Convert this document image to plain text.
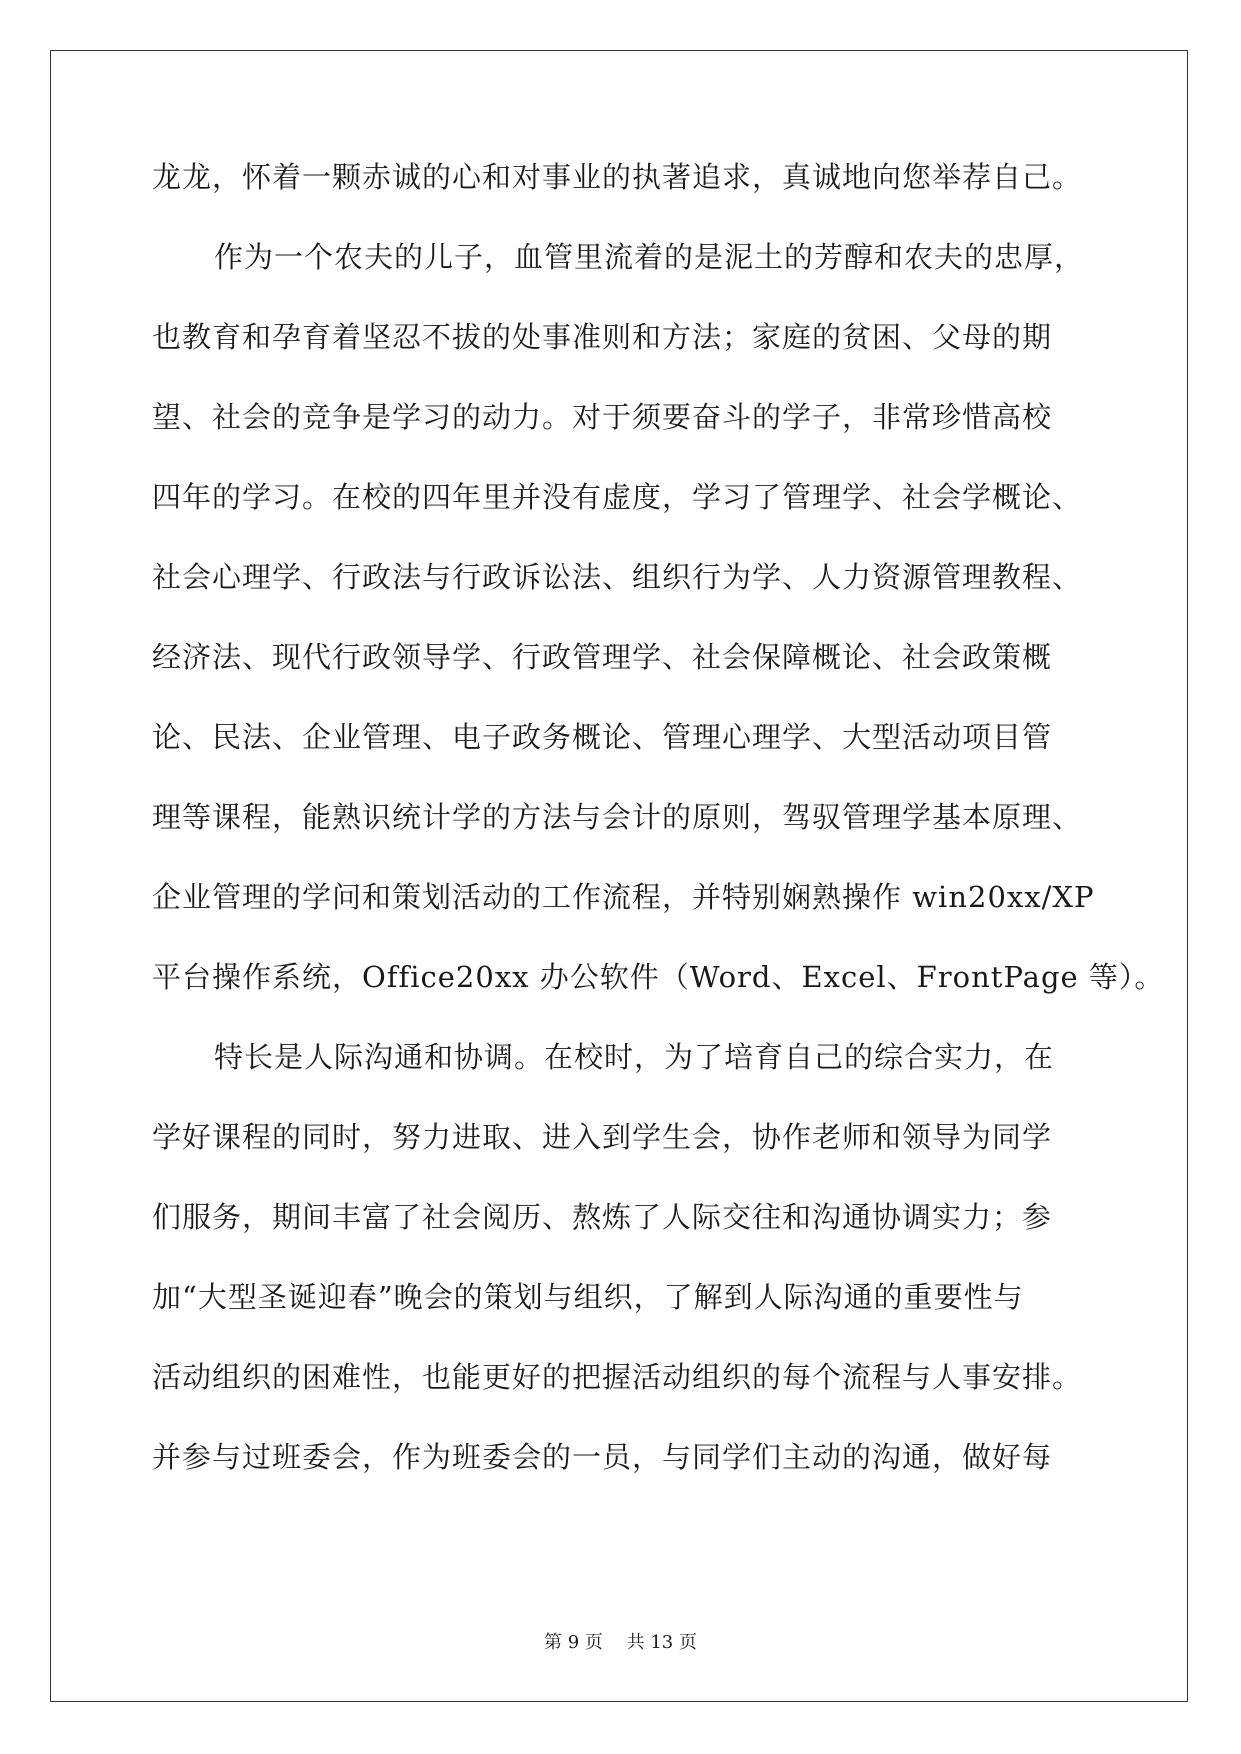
龙龙，怀着一颗赤诚的心和对事业的执著追求，真诚地向您举荐自己。
作为一个农夫的儿子，血管里流着的是泥土的芳醇和农夫的忠厚，
也教育和孕育着坚忍不拔的处事准则和方法；家庭的贫困、父母的期
望、社会的竞争是学习的动力。对于须要奋斗的学子，非常珍惜高校
四年的学习。在校的四年里并没有虚度，学习了管理学、社会学概论、
社会心理学、行政法与行政诉讼法、组织行为学、人力资源管理教程、
经济法、现代行政领导学、行政管理学、社会保障概论、社会政策概
论、民法、企业管理、电子政务概论、管理心理学、大型活动项目管
理等课程，能熟识统计学的方法与会计的原则，驾驭管理学基本原理、
企业管理的学问和策划活动的工作流程，并特别娴熟操作 win20xx/XP
平台操作系统，Office20xx 办公软件（Word、Excel、FrontPage 等）。
特长是人际沟通和协调。在校时，为了培育自己的综合实力，在
学好课程的同时，努力进取、进入到学生会，协作老师和领导为同学
们服务，期间丰富了社会阅历、熬炼了人际交往和沟通协调实力；参
加“大型圣诞迎春”晚会的策划与组织，了解到人际沟通的重要性与
活动组织的困难性，也能更好的把握活动组织的每个流程与人事安排。
并参与过班委会，作为班委会的一员，与同学们主动的沟通，做好每
第 9 页　 共 13 页
